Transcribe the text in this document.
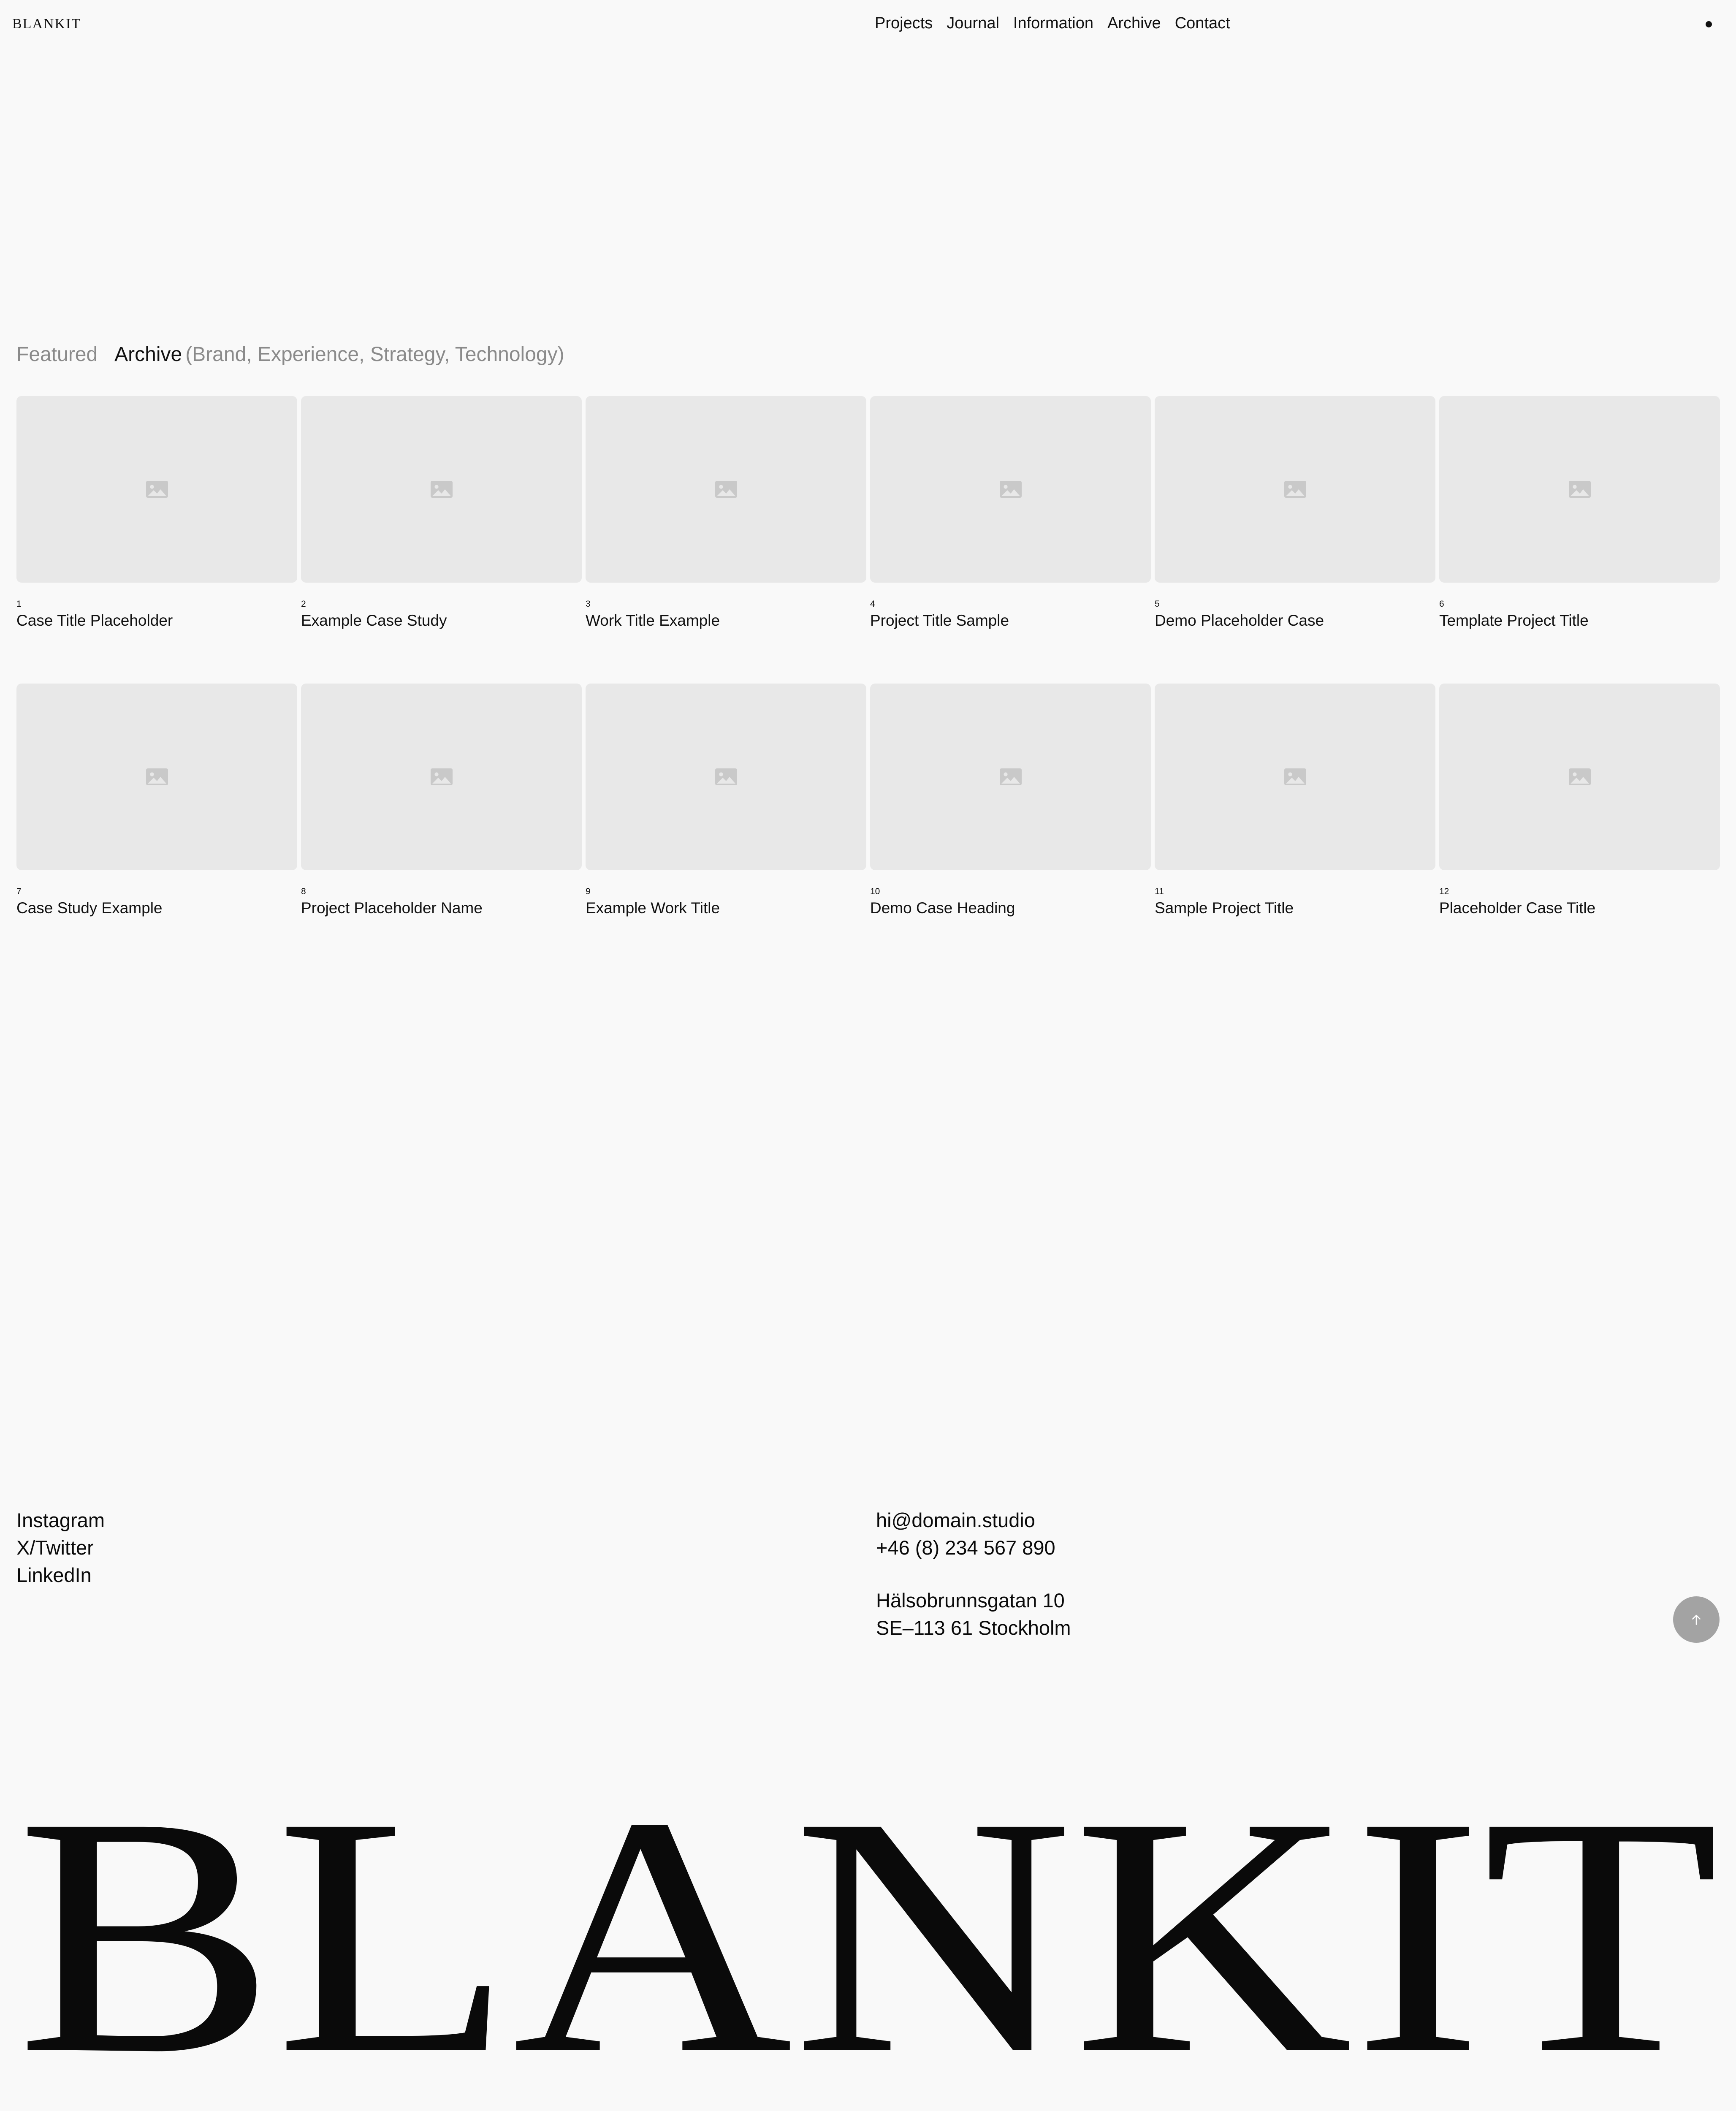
BLANKIT	Projects Journal Information Archive Contact
Featured Archive (Brand, Experience, Strategy, Technology)
1
Case Title Placeholder
2
Example Case Study
3
Work Title Example
4
Project Title Sample
5
Demo Placeholder Case
6
Template Project Title
7
Case Study Example
8
Project Placeholder Name
9
Example Work Title
10
Demo Case Heading
11
Sample Project Title
12
Placeholder Case Title
Instagram
X/Twitter
LinkedIn
hi@domain.studio
+46 (8) 234 567 890
Hälsobrunnsgatan 10
SE–113 61 Stockholm
BLANKIT
